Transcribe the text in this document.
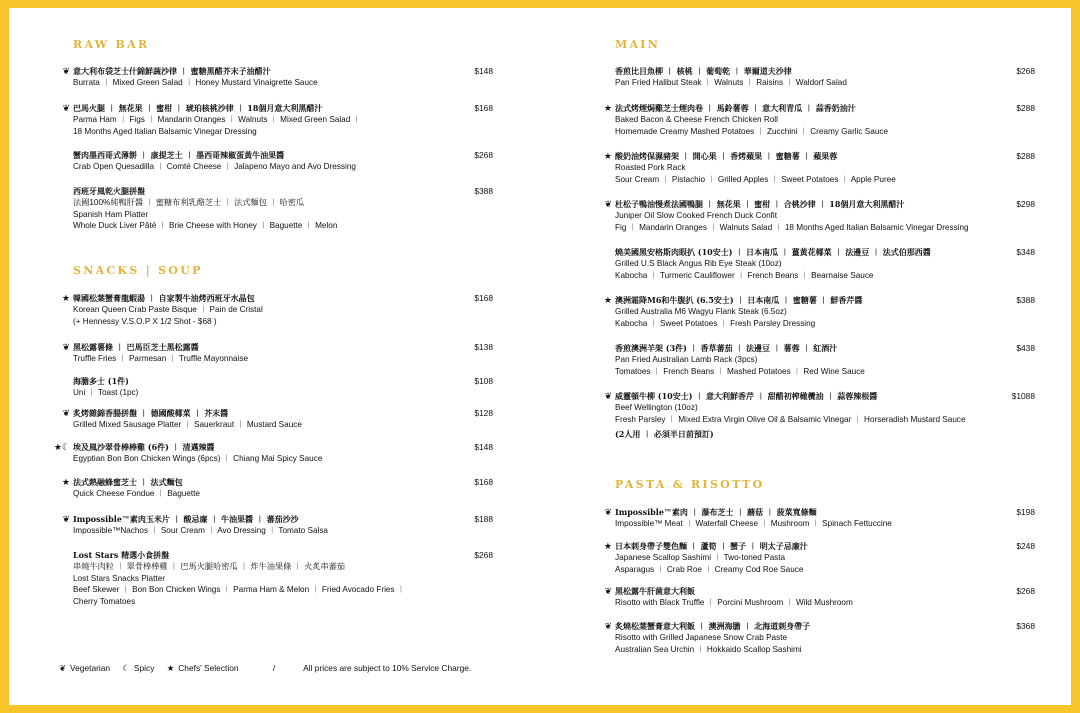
RAW BAR
SNACKS | SOUP
❦ 意大利布袋芝士什錦鮮蔬沙律 ︱ 蜜糖黑醋芥末子油醋汁
Burrata ︱ Mixed Green Salad ︱ Honey Mustard Vinaigrette Sauce
$148
❦ 巴馬火腿 ︱ 無花果 ︱ 蜜柑 ︱ 琥珀核桃沙律 ︱ 18個月意大利黑醋汁
Parma Ham ︱ Figs ︱ Mandarin Oranges ︱ Walnuts ︱ Mixed Green Salad ︱
18 Months Aged Italian Balsamic Vinegar Dressing
$168
蟹肉墨西哥式薄餅 ︱ 康提芝士 ︱ 墨西哥辣椒蛋黃牛油果醬
Crab Open Quesadilla ︱ Comté Cheese ︱ Jalapeno Mayo and Avo Dressing
$268
西班牙風乾火腿拼盤
法國100%純鴨肝醬 ︱ 蜜糖布利乳酪芝士 ︱ 法式麵包 ︱ 哈密瓜
Spanish Ham Platter
Whole Duck Liver Pâté ︱ Brie Cheese with Honey ︱ Baguette ︱ Melon
$388
★ 韓國松葉蟹膏龍蝦湯 ︱ 自家製牛油烤西班牙水晶包
Korean Queen Crab Paste Bisque ︱ Pain de Cristal
(+ Hennessy V.S.O.P X 1/2 Shot - $68 )
$168
❦ 黑松露薯條 ︱ 巴馬臣芝士黑松露醬
Truffle Fries ︱ Parmesan ︱ Truffle Mayonnaise
$138
海膽多士 (1件)
Uni ︱ Toast (1pc)
$108
❦ 炙烤雜錦香腸拼盤 ︱ 德國酸椰菜 ︱ 芥末醬
Grilled Mixed Sausage Platter ︱ Sauerkraut ︱ Mustard Sauce
$128
★☾ 埃及風沙翠骨棒棒雞 (6件) ︱ 清邁辣醬
Egyptian Bon Bon Chicken Wings (6pcs) ︱ Chiang Mai Spicy Sauce
$148
★ 法式熱融蜂蜜芝士 ︱ 法式麵包
Quick Cheese Fondue ︱ Baguette
$168
❦ Impossible™素肉玉米片 ︱ 酸忌廉 ︱ 牛油果醬 ︱ 蕃茄沙沙
Impossible™Nachos ︱ Sour Cream ︱ Avo Dressing ︱ Tomato Salsa
$188
Lost Stars 精選小食拼盤
串燒牛肉粒 ︱ 翠骨棒棒雞 ︱ 巴馬火腿哈密瓜 ︱ 炸牛油果條 ︱ 火炙串蕃茄
Lost Stars Snacks Platter
Beef Skewer ︱ Bon Bon Chicken Wings ︱ Parma Ham & Melon ︱ Fried Avocado Fries ︱
Cherry Tomatoes
$268
MAIN
PASTA & RISOTTO
香煎比目魚柳 ︱ 核桃 ︱ 葡萄乾 ︱ 華爾道夫沙律
Pan Fried Halibut Steak ︱ Walnuts ︱ Raisins ︱ Waldorf Salad
$268
★ 法式烤煙焗雞芝士煙肉卷 ︱ 馬鈴薯蓉 ︱ 意大利青瓜 ︱ 蒜香奶油汁
Baked Bacon & Cheese French Chicken Roll
Homemade Creamy Mashed Potatoes ︱ Zucchini ︱ Creamy Garlic Sauce
$288
★ 酸奶油烤保濕豬架 ︱ 開心果 ︱ 香烤蘋果 ︱ 蜜糖薯 ︱ 蘋果蓉
Roasted Pork Rack
Sour Cream ︱ Pistachio ︱ Grilled Apples ︱ Sweet Potatoes ︱ Apple Puree
$288
❦ 杜松子鴨油慢煮法國鴨腿 ︱ 無花果 ︱ 蜜柑 ︱ 合桃沙律 ︱ 18個月意大利黑醋汁
Juniper Oil Slow Cooked French Duck Confit
Fig ︱ Mandarin Oranges ︱ Walnuts Salad ︱ 18 Months Aged Italian Balsamic Vinegar Dressing
$298
燒美國黑安格斯肉眼扒 (10安士) ︱ 日本南瓜 ︱ 薑黃花椰菜 ︱ 法邊豆 ︱ 法式伯那西醬
Grilled U.S Black Angus Rib Eye Steak (10oz)
Kabocha ︱ Turmeric Cauliflower ︱ French Beans ︱ Bearnaise Sauce
$348
★ 澳洲霜降M6和牛腹扒 (6.5安士) ︱ 日本南瓜 ︱ 蜜糖薯 ︱ 鮮香芹醬
Grilled Australia M6 Wagyu Flank Steak (6.5oz)
Kabocha ︱ Sweet Potatoes ︱ Fresh Parsley Dressing
$388
香煎澳洲羊架 (3件) ︱ 香草蕃茄 ︱ 法邊豆 ︱ 薯蓉 ︱ 紅酒汁
Pan Fried Australian Lamb Rack (3pcs)
Tomatoes ︱ French Beans ︱ Mashed Potatoes ︱ Red Wine Sauce
$438
❦ 威靈頓牛柳 (10安士) ︱ 意大利鮮香芹 ︱ 甜醋初榨橄欖油 ︱ 蒜蓉辣根醬
Beef Wellington (10oz)
Fresh Parsley ︱ Mixed Extra Virgin Olive Oil & Balsamic Vinegar ︱ Horseradish Mustard Sauce
(2人用 ︱ 必須半日前預訂)
$1088
❦ Impossible™素肉 ︱ 瀑布芝士 ︱ 蘑菇 ︱ 菠菜寬條麵
Impossible™ Meat ︱ Waterfall Cheese ︱ Mushroom ︱ Spinach Fettuccine
$198
★ 日本刺身帶子雙色麵 ︱ 蘆筍 ︱ 蟹子 ︱ 明太子忌廉汁
Japanese Scallop Sashimi ︱ Two-toned Pasta
Asparagus ︱ Crab Roe ︱ Creamy Cod Roe Sauce
$248
❦ 黑松露牛肝菌意大利飯
Risotto with Black Truffle ︱ Porcini Mushroom ︱ Wild Mushroom
$268
❦ 炙燒松葉蟹膏意大利飯 ︱ 澳洲海膽 ︱ 北海道刺身帶子
Risotto with Grilled Japanese Snow Crab Paste
Australian Sea Urchin ︱ Hokkaido Scallop Sashimi
$368
❦ Vegetarian ☾ Spicy ★ Chefs' Selection	/	All prices are subject to 10% Service Charge.
